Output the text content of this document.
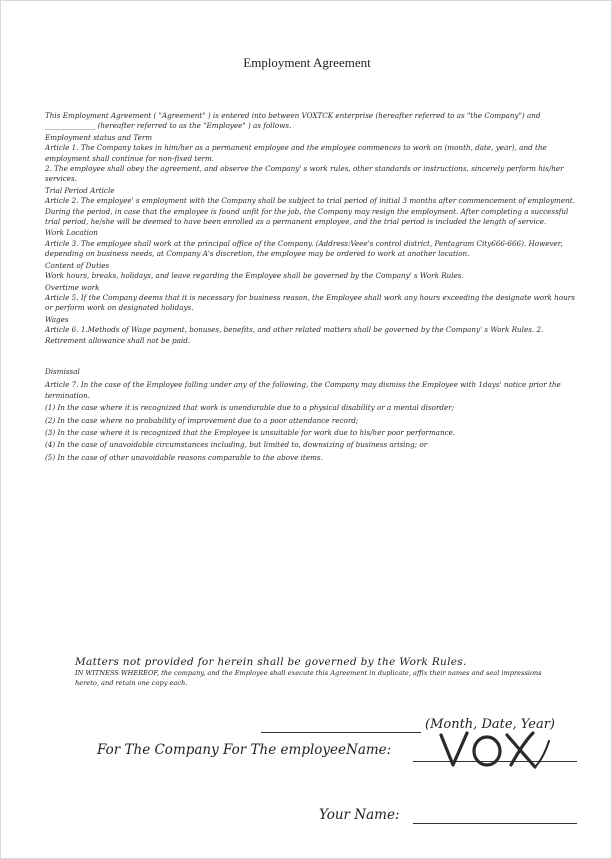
Employment Agreement

This Employment Agreement ( "Agreement" ) is entered into between VOXTCK enterprise (hereafter referred to as "the Company") and ______________ (hereafter referred to as the "Employee" ) as follows.

Employment status and Term

Article 1. The Company takes in him/her as a permanent employee and the employee commences to work on (month, date, year), and the employment shall continue for non-fixed term.

2. The employee shall obey the agreement, and observe the Company' s work rules, other standards or instructions, sincerely perform his/her services.

Trial Period Article

Article 2. The employee' s employment with the Company shall be subject to trial period of initial 3 months after commencement of employment. During the period, in case that the employee is found unfit for the job, the Company may resign the employment. After completing a successful trial period, he/she will be deemed to have been enrolled as a permanent employee, and the trial period is included the length of service.

Work Location

Article 3. The employee shall work at the principal office of the Company. (Address:Veee's control district, Pentagram City666-666). However, depending on business needs, at Company A's discretion, the employee may be ordered to work at another location.

Content of Duties

Work hours, breaks, holidays, and leave regarding the Employee shall be governed by the Company' s Work Rules.

Overtime work

Article 5. If the Company deems that it is necessary for business reason, the Employee shall work any hours exceeding the designate work hours or perform work on designated holidays.

Wages

Article 6. 1.Methods of Wage payment, bonuses, benefits, and other related matters shall be governed by the Company' s Work Rules. 2. Retirement allowance shall not be paid.

Dismissal

Article 7. In the case of the Employee falling under any of the following, the Company may dismiss the Employee with 1days' notice prior the termination.

(1) In the case where it is recognized that work is unendurable due to a physical disability or a mental disorder;

(2) In the case where no probability of improvement due to a poor attendance record;

(3) In the case where it is recognized that the Employee is unsuitable for work due to his/her poor performance.

(4) In the case of unavoidable circumstances including, but limited to, downsizing of business arising; or

(5) In the case of other unavoidable reasons comparable to the above items.

Matters not provided for herein shall be governed by the Work Rules.
IN WITNESS WHEREOF, the company, and the Employee shall execute this Agreement in duplicate, affix their names and seal impressions hereto, and retain one copy each.
(Month, Date, Year)
For The Company For The employeeName:
Your Name:
